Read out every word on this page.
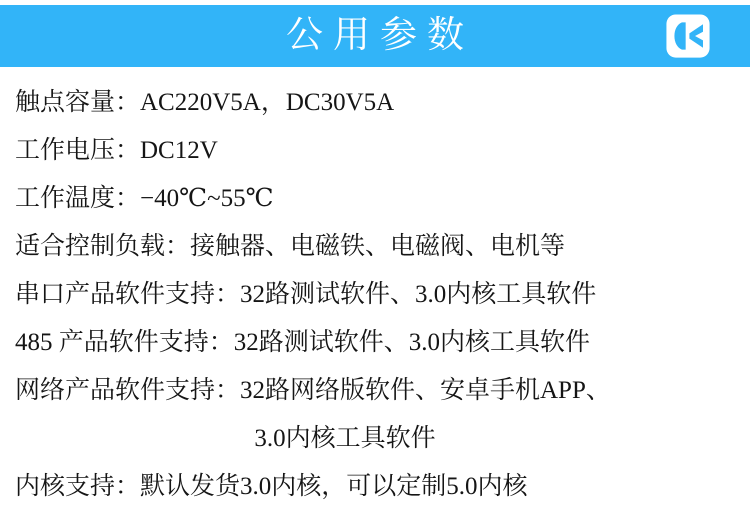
公用参数
触点容量：AC220V5A，DC30V5A
工作电压：DC12V
工作温度：−40℃~55℃
适合控制负载：接触器、电磁铁、电磁阀、电机等
串口产品软件支持：32路测试软件、3.0内核工具软件
485 产品软件支持：32路测试软件、3.0内核工具软件
网络产品软件支持：32路网络版软件、安卓手机APP、
3.0内核工具软件
内核支持：默认发货3.0内核，可以定制5.0内核
